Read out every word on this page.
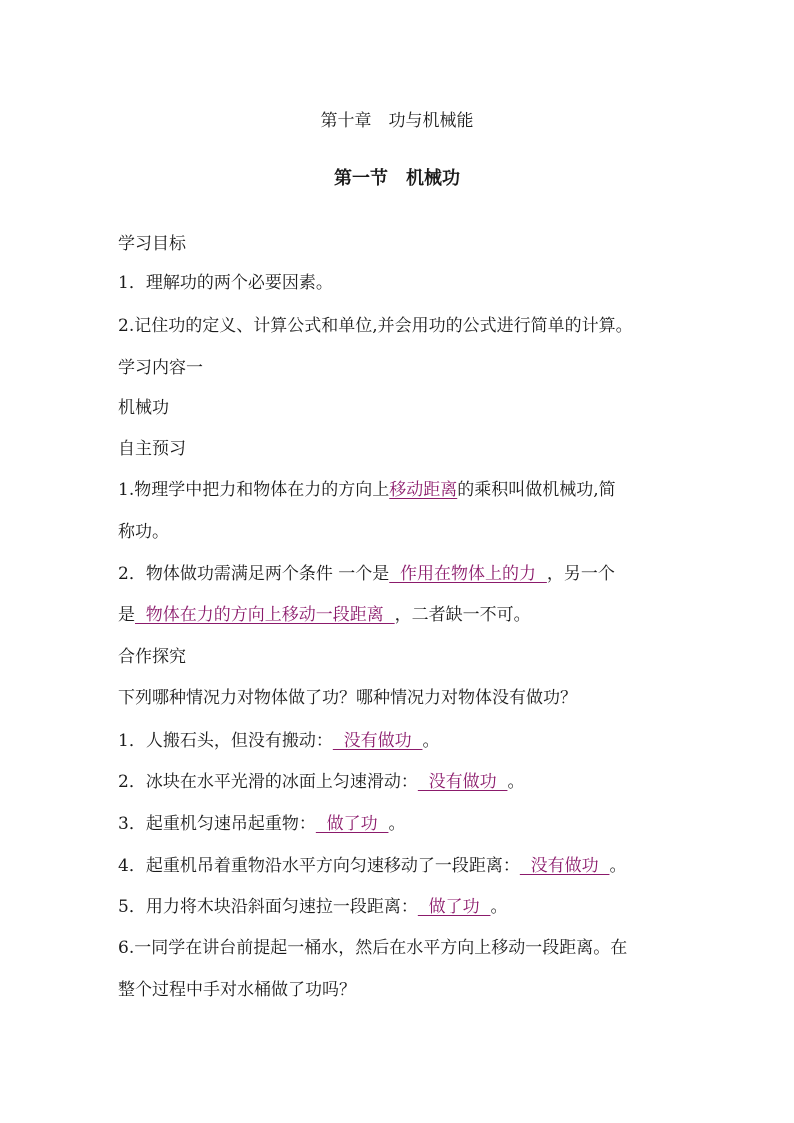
第十章　功与机械能
第一节　机械功
学习目标
1．理解功的两个必要因素。
2.记住功的定义、计算公式和单位,并会用功的公式进行简单的计算。
学习内容一
机械功
自主预习
1.物理学中把力和物体在力的方向上移动距离的乘积叫做机械功,简
称功。
2．物体做功需满足两个条件 一个是  作用在物体上的力  ，另一个
是  物体在力的方向上移动一段距离  ，二者缺一不可。
合作探究
下列哪种情况力对物体做了功？哪种情况力对物体没有做功？
1．人搬石头，但没有搬动：  没有做功  。
2．冰块在水平光滑的冰面上匀速滑动：  没有做功  。
3．起重机匀速吊起重物：  做了功  。
4．起重机吊着重物沿水平方向匀速移动了一段距离：  没有做功  。
5．用力将木块沿斜面匀速拉一段距离：  做了功  。
6.一同学在讲台前提起一桶水，然后在水平方向上移动一段距离。在
整个过程中手对水桶做了功吗？
